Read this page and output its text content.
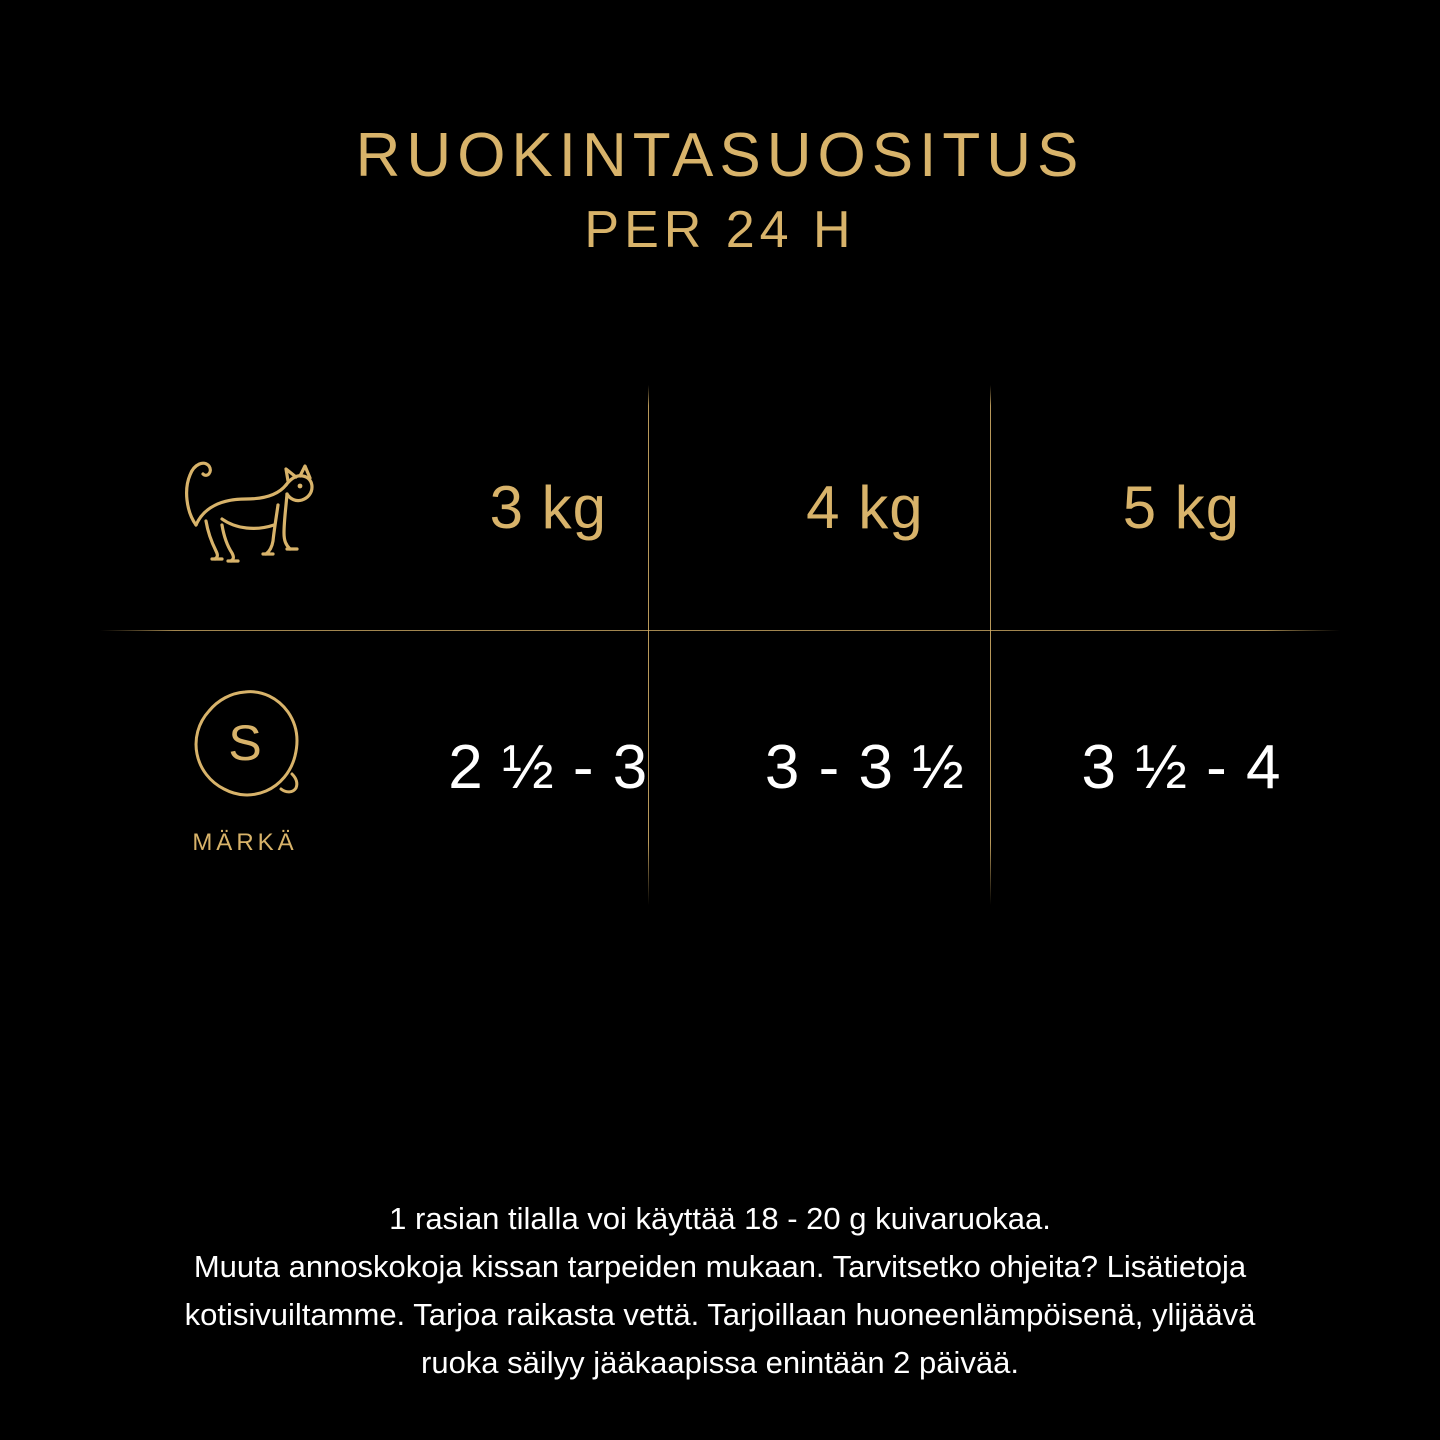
RUOKINTASUOSITUS
PER 24 H
3 kg	4 kg	5 kg
S
MÄRKÄ
2 ½ - 3 3 - 3 ½ 3 ½ - 4

1 rasian tilalla voi käyttää 18 - 20 g kuivaruokaa.

Muuta annoskokoja kissan tarpeiden mukaan. Tarvitsetko ohjeita? Lisätietoja

kotisivuiltamme. Tarjoa raikasta vettä. Tarjoillaan huoneenlämpöisenä, ylijäävä

ruoka säilyy jääkaapissa enintään 2 päivää.
